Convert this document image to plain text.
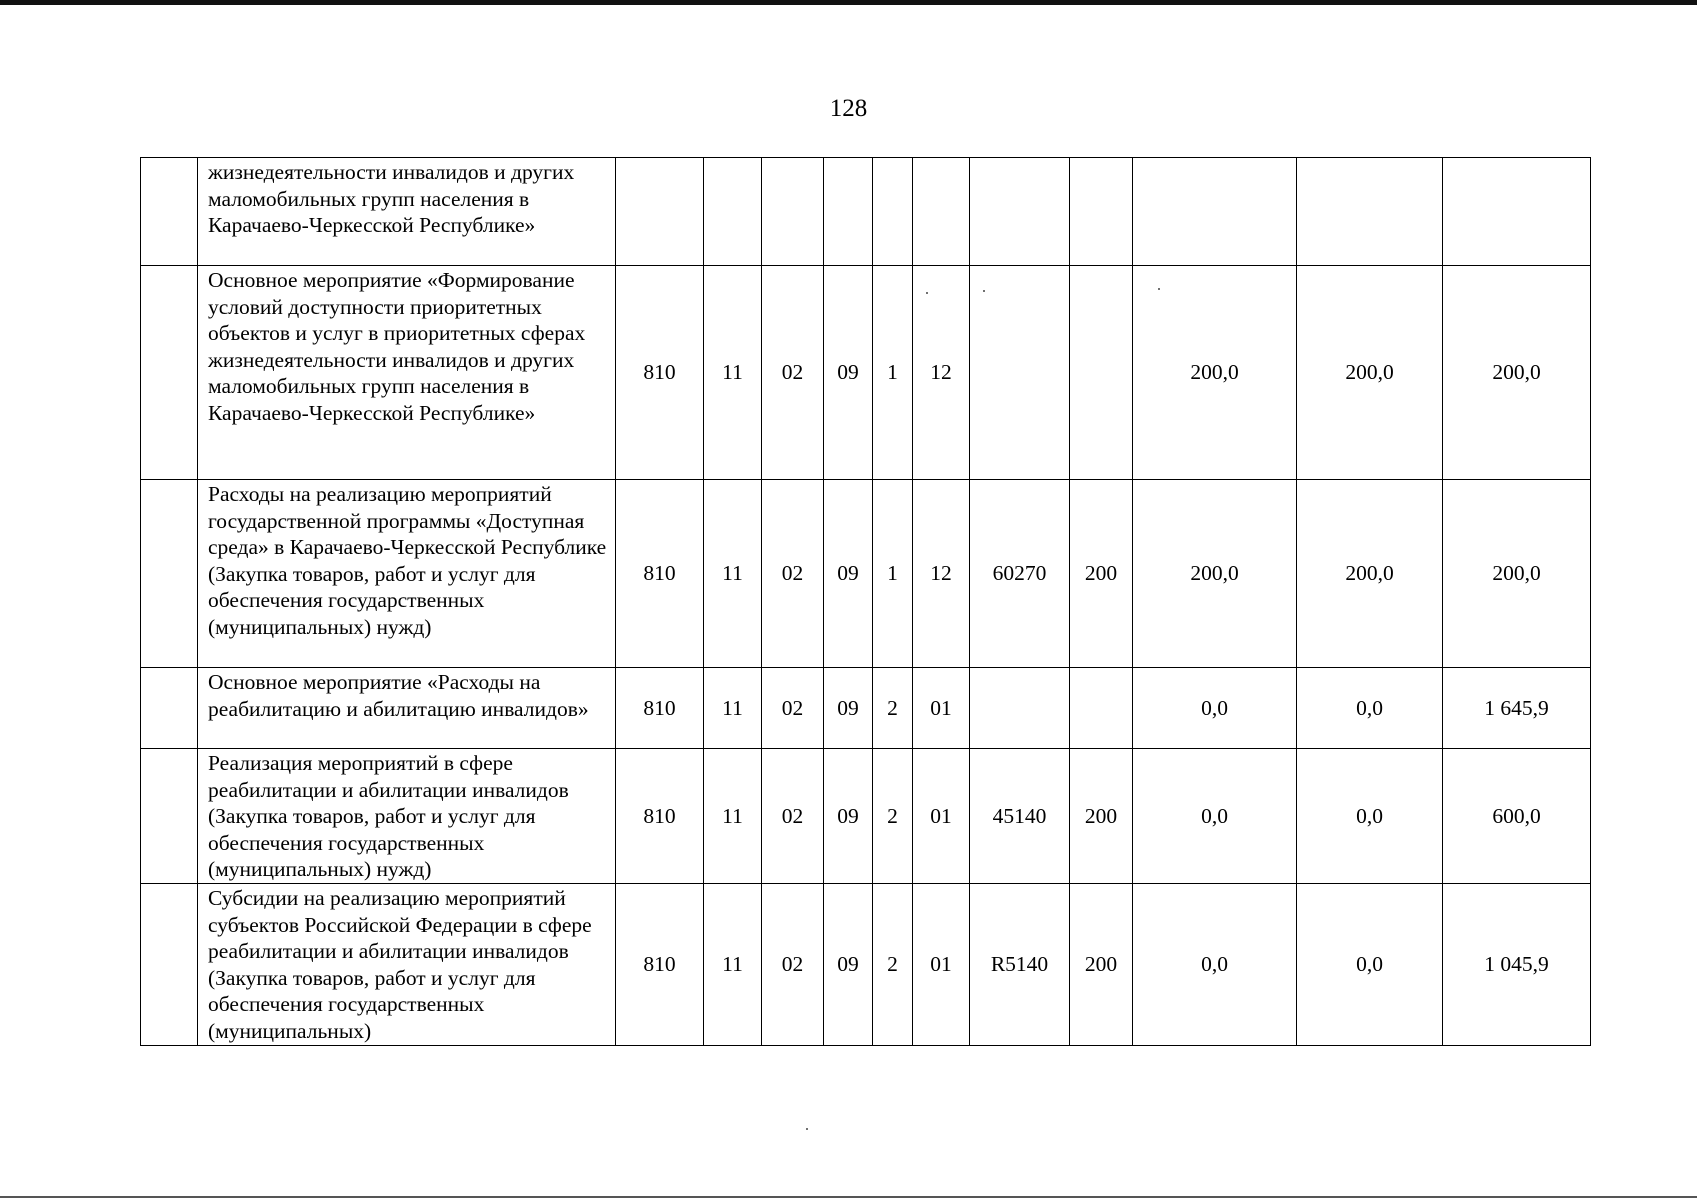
128
	жизнедеятельности инвалидов и других маломобильных групп населения в Карачаево-Черкесской Республике»											
	Основное мероприятие «Формирование условий доступности приоритетных объектов и услуг в приоритетных сферах жизнедеятельности инвалидов и других маломобильных групп населения в Карачаево-Черкесской Республике»	810	11	02	09	1	12			200,0	200,0	200,0
	Расходы на реализацию мероприятий государственной программы «Доступная среда» в Карачаево-Черкесской Республике (Закупка товаров, работ и услуг для обеспечения государственных (муниципальных) нужд)	810	11	02	09	1	12	60270	200	200,0	200,0	200,0
	Основное мероприятие «Расходы на реабилитацию и абилитацию инвалидов»	810	11	02	09	2	01			0,0	0,0	1 645,9
	Реализация мероприятий в сфере реабилитации и абилитации инвалидов (Закупка товаров, работ и услуг для обеспечения государственных (муниципальных) нужд)	810	11	02	09	2	01	45140	200	0,0	0,0	600,0
	Субсидии на реализацию мероприятий субъектов Российской Федерации в сфере реабилитации и абилитации инвалидов (Закупка товаров, работ и услуг для обеспечения государственных (муниципальных)	810	11	02	09	2	01	R5140	200	0,0	0,0	1 045,9
